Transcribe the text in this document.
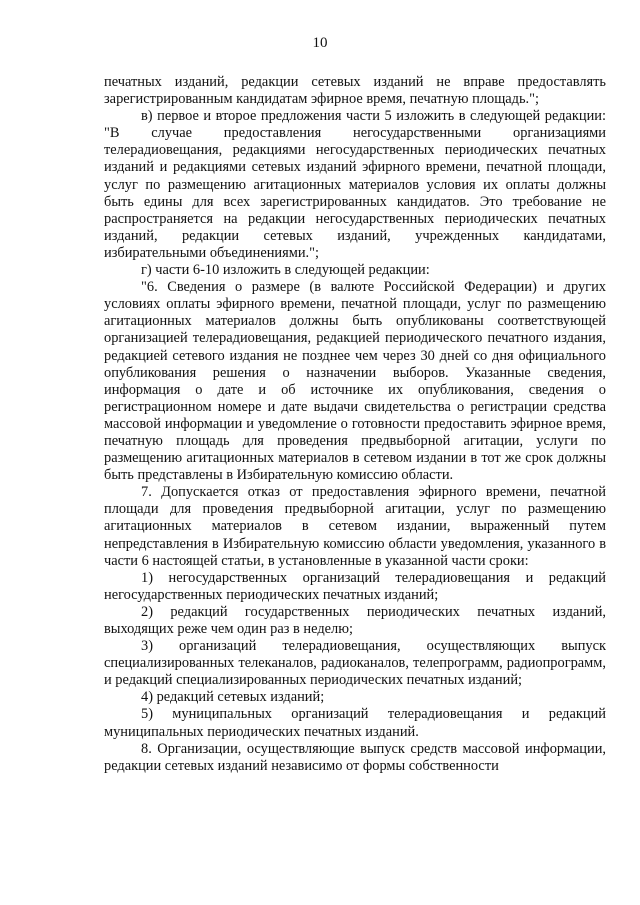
10

печатных изданий, редакции сетевых изданий не вправе предоставлять зарегистрированным кандидатам эфирное время, печатную площадь.";

в) первое и второе предложения части 5 изложить в следующей редакции: "В случае предоставления негосударственными организациями телерадиовещания, редакциями негосударственных периодических печатных изданий и редакциями сетевых изданий эфирного времени, печатной площади, услуг по размещению агитационных материалов условия их оплаты должны быть едины для всех зарегистрированных кандидатов. Это требование не распространяется на редакции негосударственных периодических печатных изданий, редакции сетевых изданий, учрежденных кандидатами, избирательными объединениями.";

г) части 6-10 изложить в следующей редакции:

"6. Сведения о размере (в валюте Российской Федерации) и других условиях оплаты эфирного времени, печатной площади, услуг по размещению агитационных материалов должны быть опубликованы соответствующей организацией телерадиовещания, редакцией периодического печатного издания, редакцией сетевого издания не позднее чем через 30 дней со дня официального опубликования решения о назначении выборов. Указанные сведения, информация о дате и об источнике их опубликования, сведения о регистрационном номере и дате выдачи свидетельства о регистрации средства массовой информации и уведомление о готовности предоставить эфирное время, печатную площадь для проведения предвыборной агитации, услуги по размещению агитационных материалов в сетевом издании в тот же срок должны быть представлены в Избирательную комиссию области.

7. Допускается отказ от предоставления эфирного времени, печатной площади для проведения предвыборной агитации, услуг по размещению агитационных материалов в сетевом издании, выраженный путем непредставления в Избирательную комиссию области уведомления, указанного в части 6 настоящей статьи, в установленные в указанной части сроки:

1) негосударственных организаций телерадиовещания и редакций негосударственных периодических печатных изданий;

2) редакций государственных периодических печатных изданий, выходящих реже чем один раз в неделю;

3) организаций телерадиовещания, осуществляющих выпуск специализированных телеканалов, радиоканалов, телепрограмм, радиопрограмм, и редакций специализированных периодических печатных изданий;

4) редакций сетевых изданий;

5) муниципальных организаций телерадиовещания и редакций муниципальных периодических печатных изданий.

8. Организации, осуществляющие выпуск средств массовой информации, редакции сетевых изданий независимо от формы собственности
